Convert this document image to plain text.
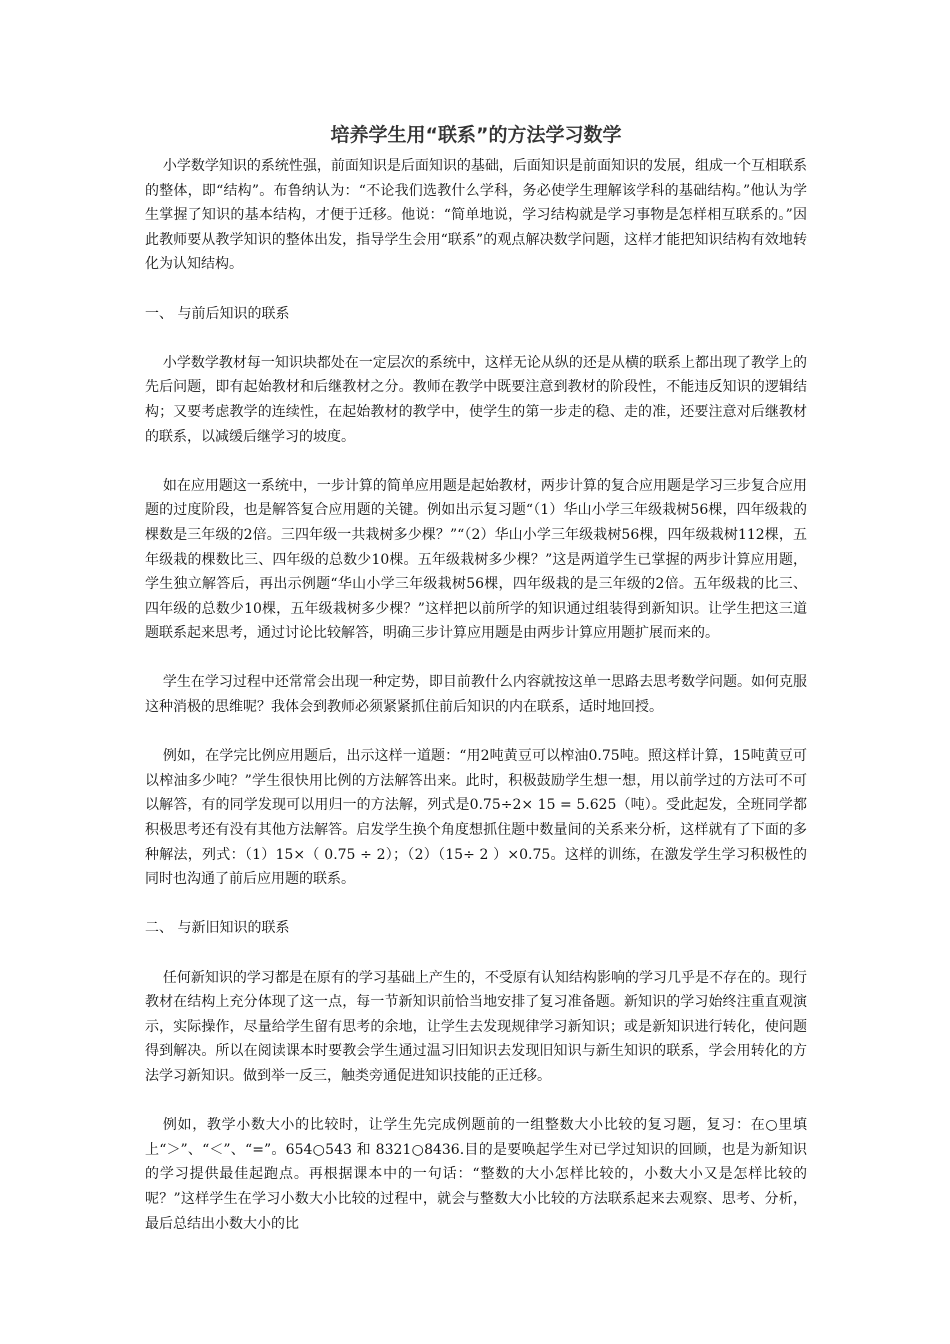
培养学生用“联系”的方法学习数学

小学数学知识的系统性强，前面知识是后面知识的基础，后面知识是前面知识的发展，组成一个互相联系的整体，即“结构”。布鲁纳认为：“不论我们选教什么学科，务必使学生理解该学科的基础结构。”他认为学生掌握了知识的基本结构，才便于迁移。他说：“简单地说，学习结构就是学习事物是怎样相互联系的。”因此教师要从教学知识的整体出发，指导学生会用“联系”的观点解决数学问题，这样才能把知识结构有效地转化为认知结构。

一、 与前后知识的联系

小学数学教材每一知识块都处在一定层次的系统中，这样无论从纵的还是从横的联系上都出现了教学上的先后问题，即有起始教材和后继教材之分。教师在教学中既要注意到教材的阶段性，不能违反知识的逻辑结构；又要考虑教学的连续性，在起始教材的教学中，使学生的第一步走的稳、走的准，还要注意对后继教材的联系，以减缓后继学习的坡度。

如在应用题这一系统中，一步计算的简单应用题是起始教材，两步计算的复合应用题是学习三步复合应用题的过度阶段，也是解答复合应用题的关键。例如出示复习题“（1）华山小学三年级栽树56棵，四年级栽的棵数是三年级的2倍。三四年级一共栽树多少棵？”“（2）华山小学三年级栽树56棵，四年级栽树112棵，五年级栽的棵数比三、四年级的总数少10棵。五年级栽树多少棵？”这是两道学生已掌握的两步计算应用题，学生独立解答后，再出示例题“华山小学三年级栽树56棵，四年级栽的是三年级的2倍。五年级栽的比三、四年级的总数少10棵，五年级栽树多少棵？”这样把以前所学的知识通过组装得到新知识。让学生把这三道题联系起来思考，通过讨论比较解答，明确三步计算应用题是由两步计算应用题扩展而来的。

学生在学习过程中还常常会出现一种定势，即目前教什么内容就按这单一思路去思考数学问题。如何克服这种消极的思维呢？我体会到教师必须紧紧抓住前后知识的内在联系，适时地回授。

例如，在学完比例应用题后，出示这样一道题：“用2吨黄豆可以榨油0.75吨。照这样计算，15吨黄豆可以榨油多少吨？”学生很快用比例的方法解答出来。此时，积极鼓励学生想一想，用以前学过的方法可不可以解答，有的同学发现可以用归一的方法解，列式是0.75÷2× 15 = 5.625（吨）。受此起发，全班同学都积极思考还有没有其他方法解答。启发学生换个角度想抓住题中数量间的关系来分析，这样就有了下面的多种解法，列式：（1）15×（ 0.75 ÷ 2）；（2）（15÷ 2 ）×0.75。这样的训练，在激发学生学习积极性的同时也沟通了前后应用题的联系。

二、 与新旧知识的联系

任何新知识的学习都是在原有的学习基础上产生的，不受原有认知结构影响的学习几乎是不存在的。现行教材在结构上充分体现了这一点，每一节新知识前恰当地安排了复习准备题。新知识的学习始终注重直观演示，实际操作，尽量给学生留有思考的余地，让学生去发现规律学习新知识；或是新知识进行转化，使问题得到解决。所以在阅读课本时要教会学生通过温习旧知识去发现旧知识与新生知识的联系，学会用转化的方法学习新知识。做到举一反三，触类旁通促进知识技能的正迁移。

例如，教学小数大小的比较时，让学生先完成例题前的一组整数大小比较的复习题，复习：在○里填上“＞”、“＜”、“=”。654○543 和 8321○8436.目的是要唤起学生对已学过知识的回顾，也是为新知识的学习提供最佳起跑点。再根据课本中的一句话：“整数的大小怎样比较的，小数大小又是怎样比较的呢？”这样学生在学习小数大小比较的过程中，就会与整数大小比较的方法联系起来去观察、思考、分析，最后总结出小数大小的比
